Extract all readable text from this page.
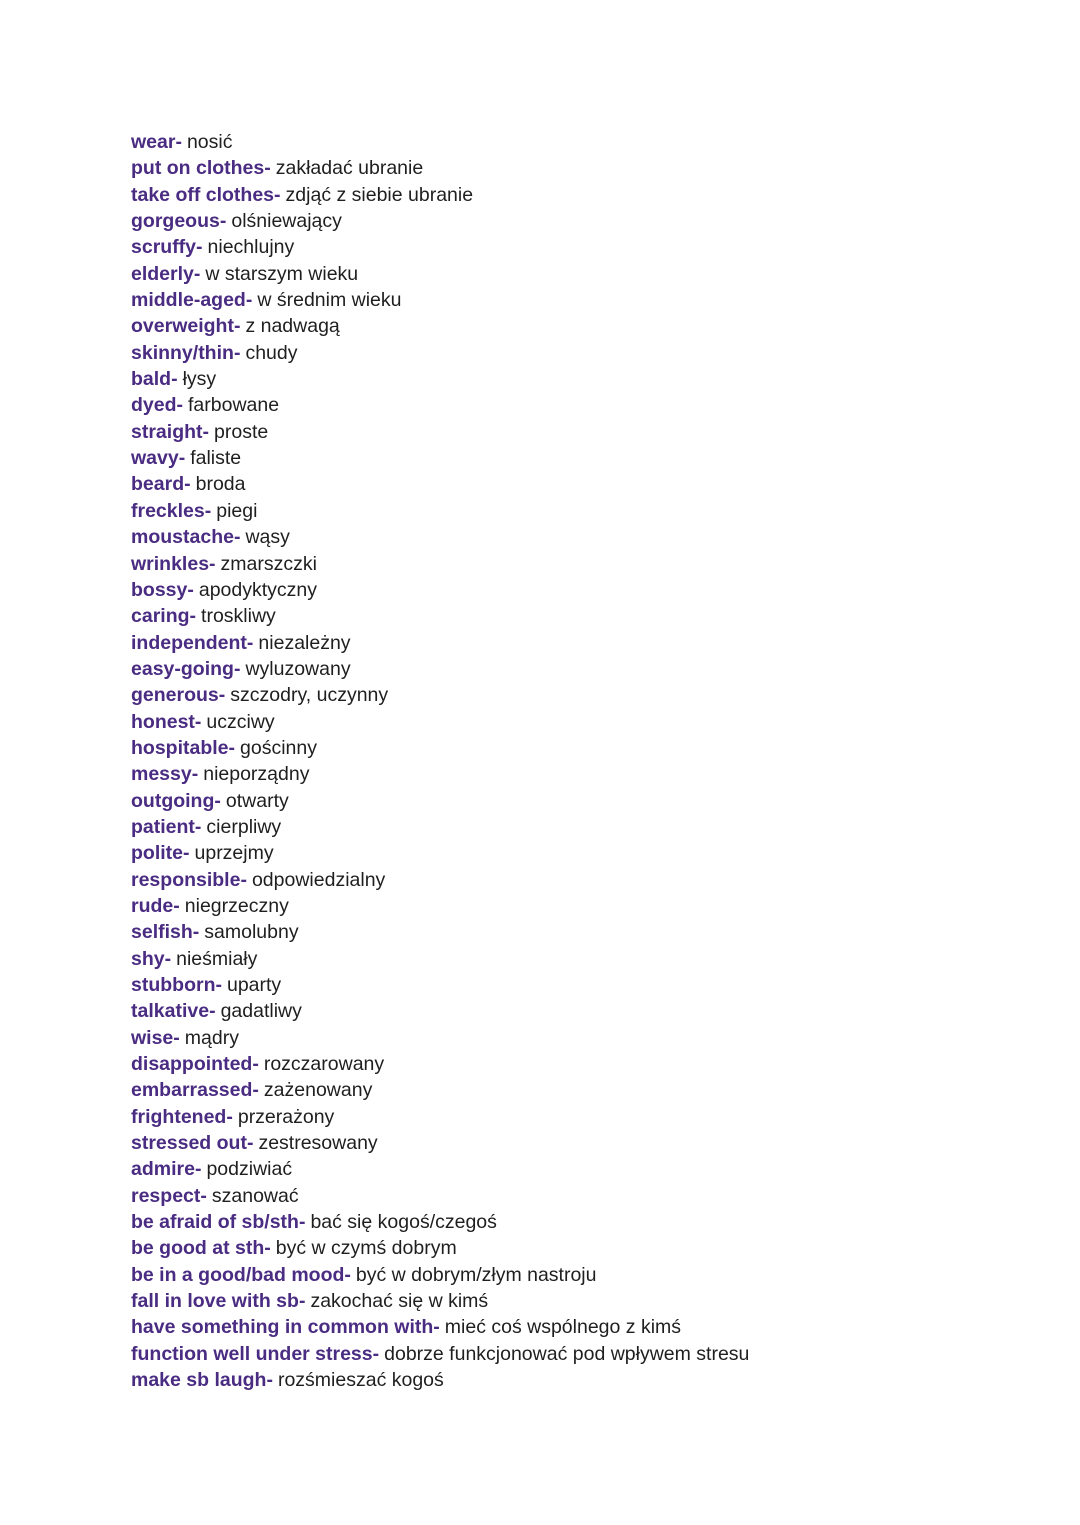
wear- nosić
put on clothes- zakładać ubranie
take off clothes- zdjąć z siebie ubranie
gorgeous- olśniewający
scruffy- niechlujny
elderly- w starszym wieku
middle-aged- w średnim wieku
overweight- z nadwagą
skinny/thin- chudy
bald- łysy
dyed- farbowane
straight- proste
wavy- faliste
beard- broda
freckles- piegi
moustache- wąsy
wrinkles- zmarszczki
bossy- apodyktyczny
caring- troskliwy
independent- niezależny
easy-going- wyluzowany
generous- szczodry, uczynny
honest- uczciwy
hospitable- gościnny
messy- nieporządny
outgoing- otwarty
patient- cierpliwy
polite- uprzejmy
responsible- odpowiedzialny
rude- niegrzeczny
selfish- samolubny
shy- nieśmiały
stubborn- uparty
talkative- gadatliwy
wise- mądry
disappointed- rozczarowany
embarrassed- zażenowany
frightened- przerażony
stressed out- zestresowany
admire- podziwiać
respect- szanować
be afraid of sb/sth- bać się kogoś/czegoś
be good at sth- być w czymś dobrym
be in a good/bad mood- być w dobrym/złym nastroju
fall in love with sb- zakochać się w kimś
have something in common with- mieć coś wspólnego z kimś
function well under stress- dobrze funkcjonować pod wpływem stresu
make sb laugh- rozśmieszać kogoś
